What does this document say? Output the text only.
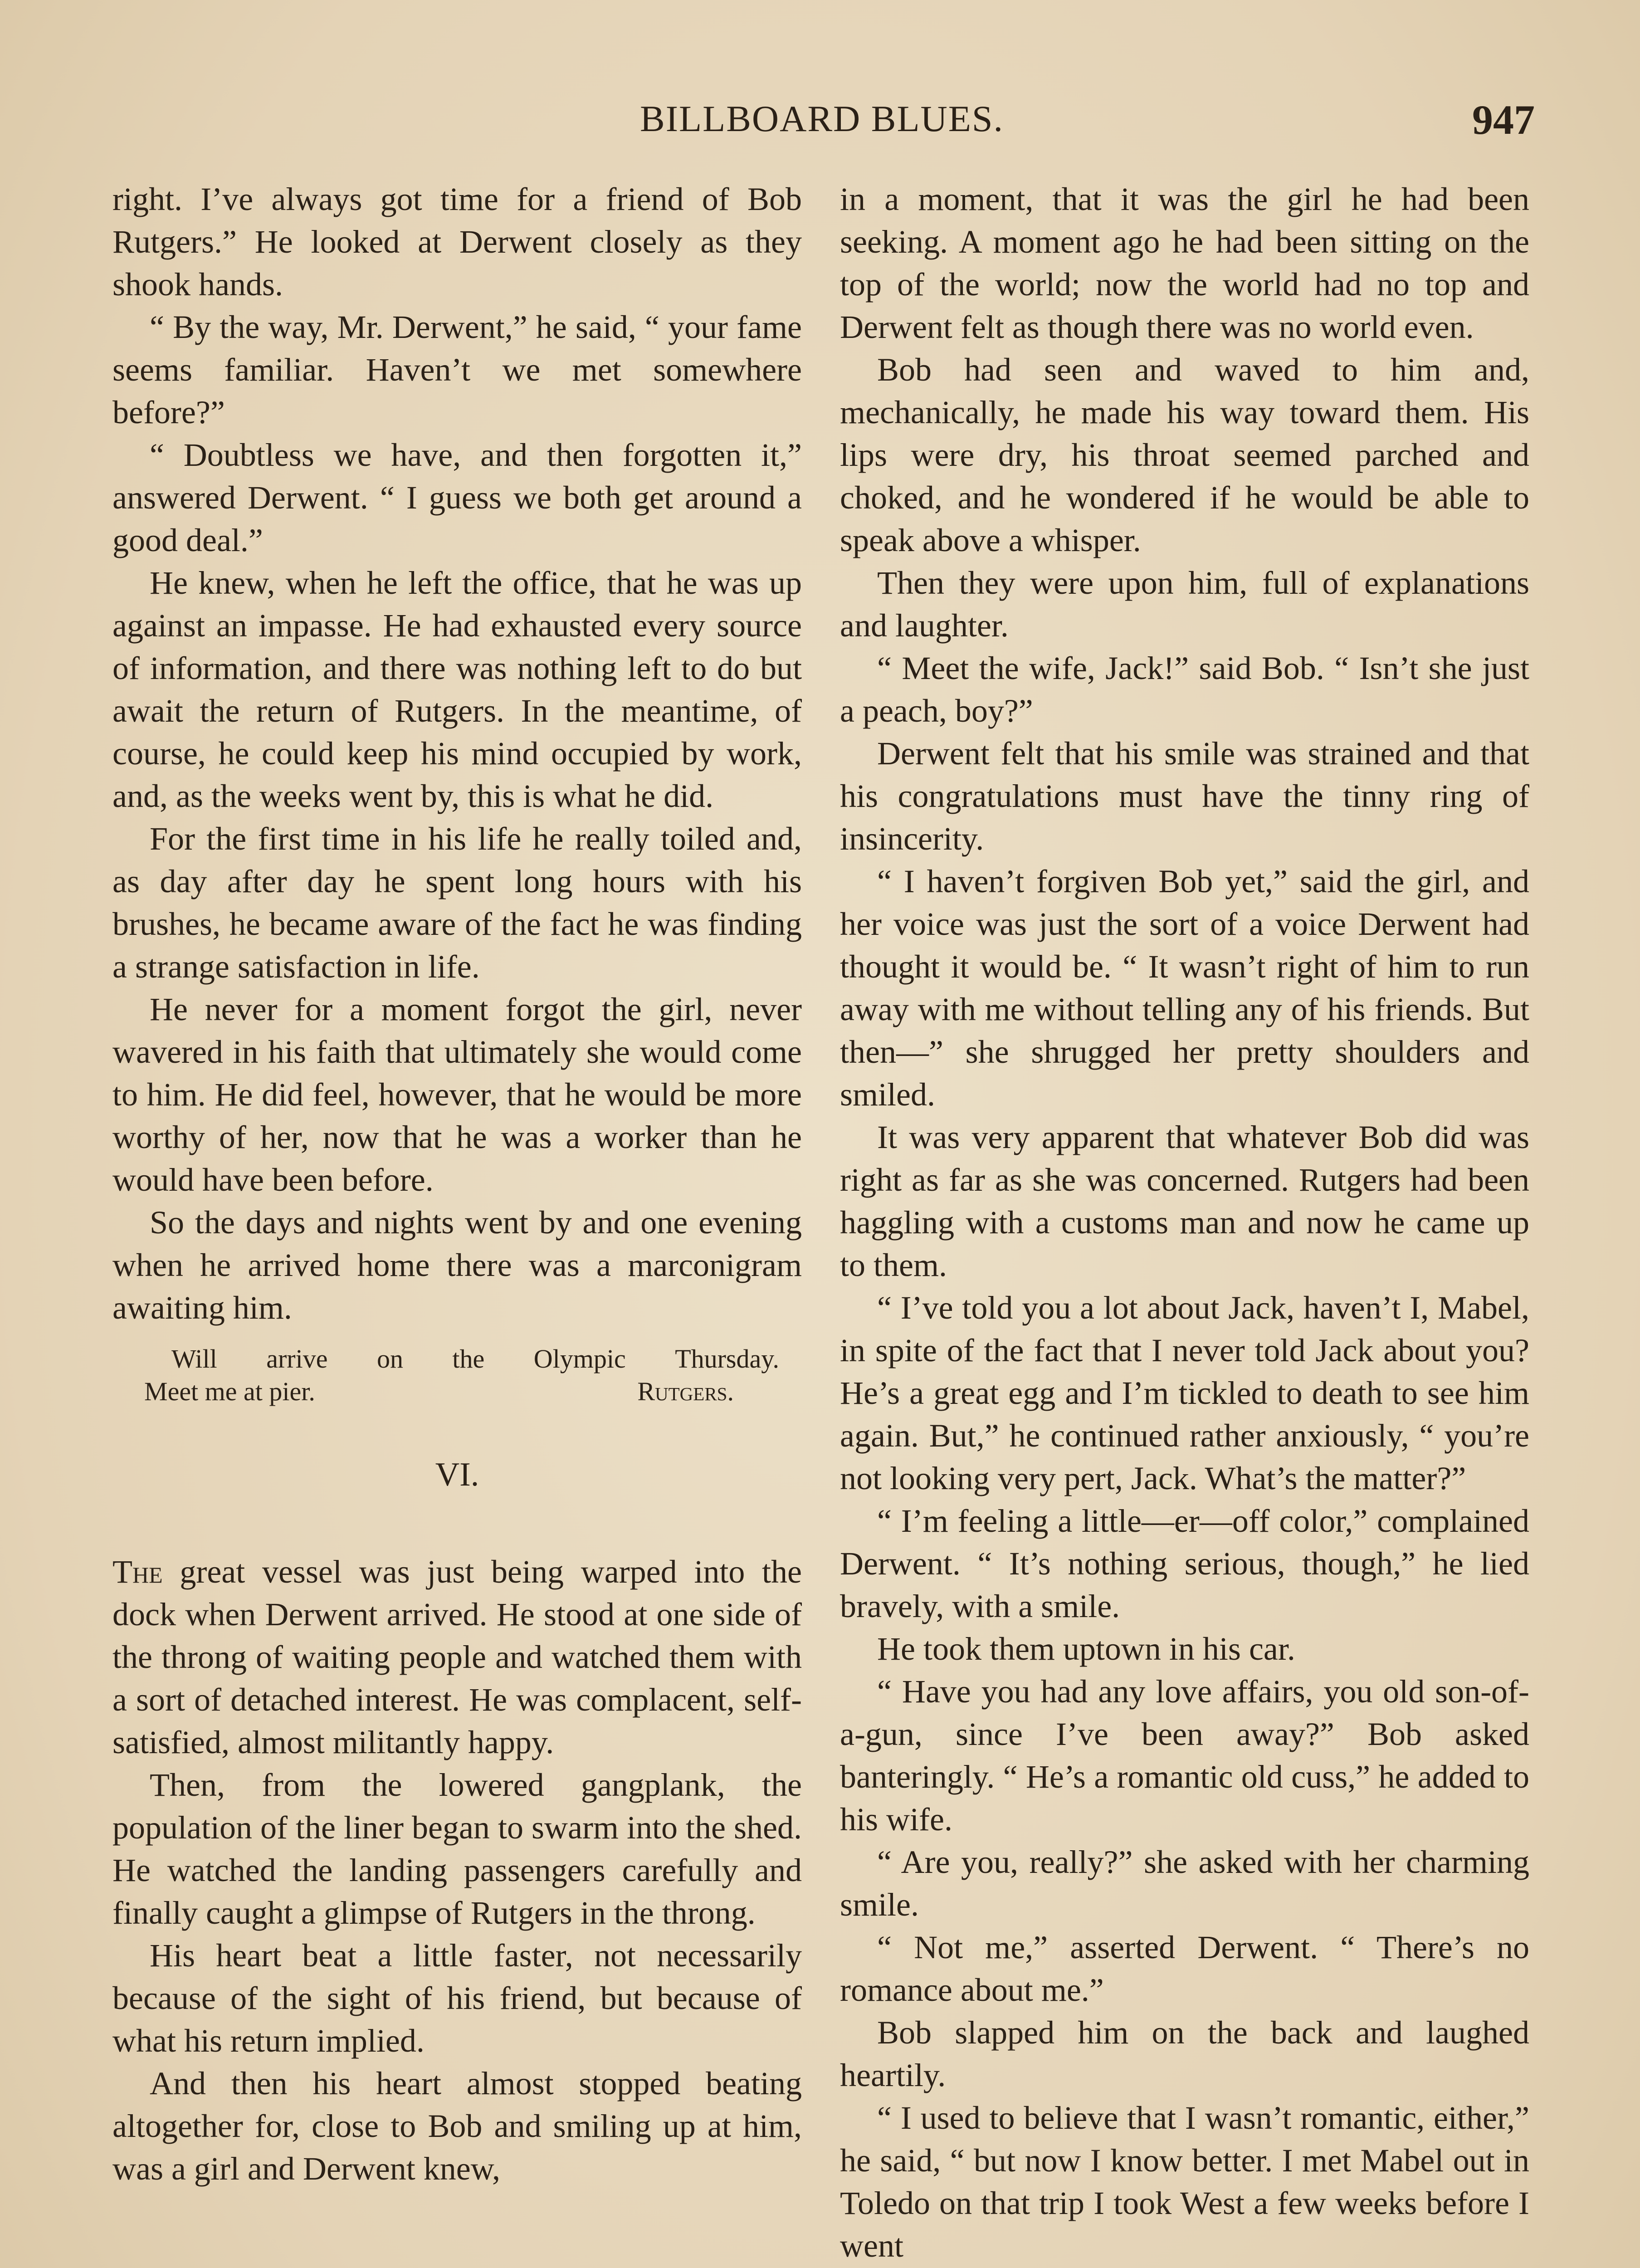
BILLBOARD BLUES.	947

right. I’ve always got time for a friend of Bob Rutgers.” He looked at Derwent closely as they shook hands.

“ By the way, Mr. Derwent,” he said, “ your fame seems familiar. Haven’t we met somewhere before?”

“ Doubtless we have, and then forgotten it,” answered Derwent. “ I guess we both get around a good deal.”

He knew, when he left the office, that he was up against an impasse. He had exhausted every source of information, and there was nothing left to do but await the return of Rutgers. In the meantime, of course, he could keep his mind occupied by work, and, as the weeks went by, this is what he did.

For the first time in his life he really toiled and, as day after day he spent long hours with his brushes, he became aware of the fact he was finding a strange satisfaction in life.

He never for a moment forgot the girl, never wavered in his faith that ultimately she would come to him. He did feel, however, that he would be more worthy of her, now that he was a worker than he would have been before.

So the days and nights went by and one evening when he arrived home there was a marconigram awaiting him.

Will arrive on the Olympic Thursday.
Meet me at pier.	Rutgers.
VI.

The great vessel was just being warped into the dock when Derwent arrived. He stood at one side of the throng of waiting people and watched them with a sort of detached interest. He was complacent, self-satisfied, almost militantly happy.

Then, from the lowered gangplank, the population of the liner began to swarm into the shed. He watched the landing passengers carefully and finally caught a glimpse of Rutgers in the throng.

His heart beat a little faster, not necessarily because of the sight of his friend, but because of what his return implied.

And then his heart almost stopped beating altogether for, close to Bob and smiling up at him, was a girl and Derwent knew,

in a moment, that it was the girl he had been seeking. A moment ago he had been sitting on the top of the world; now the world had no top and Derwent felt as though there was no world even.

Bob had seen and waved to him and, mechanically, he made his way toward them. His lips were dry, his throat seemed parched and choked, and he wondered if he would be able to speak above a whisper.

Then they were upon him, full of explanations and laughter.

“ Meet the wife, Jack!” said Bob. “ Isn’t she just a peach, boy?”

Derwent felt that his smile was strained and that his congratulations must have the tinny ring of insincerity.

“ I haven’t forgiven Bob yet,” said the girl, and her voice was just the sort of a voice Derwent had thought it would be. “ It wasn’t right of him to run away with me without telling any of his friends. But then—” she shrugged her pretty shoulders and smiled.

It was very apparent that whatever Bob did was right as far as she was concerned. Rutgers had been haggling with a customs man and now he came up to them.

“ I’ve told you a lot about Jack, haven’t I, Mabel, in spite of the fact that I never told Jack about you? He’s a great egg and I’m tickled to death to see him again. But,” he continued rather anxiously, “ you’re not looking very pert, Jack. What’s the matter?”

“ I’m feeling a little—er—off color,” complained Derwent. “ It’s nothing serious, though,” he lied bravely, with a smile.

He took them uptown in his car.

“ Have you had any love affairs, you old son-of-a-gun, since I’ve been away?” Bob asked banteringly. “ He’s a romantic old cuss,” he added to his wife.

“ Are you, really?” she asked with her charming smile.

“ Not me,” asserted Derwent. “ There’s no romance about me.”

Bob slapped him on the back and laughed heartily.

“ I used to believe that I wasn’t romantic, either,” he said, “ but now I know better. I met Mabel out in Toledo on that trip I took West a few weeks before I went
